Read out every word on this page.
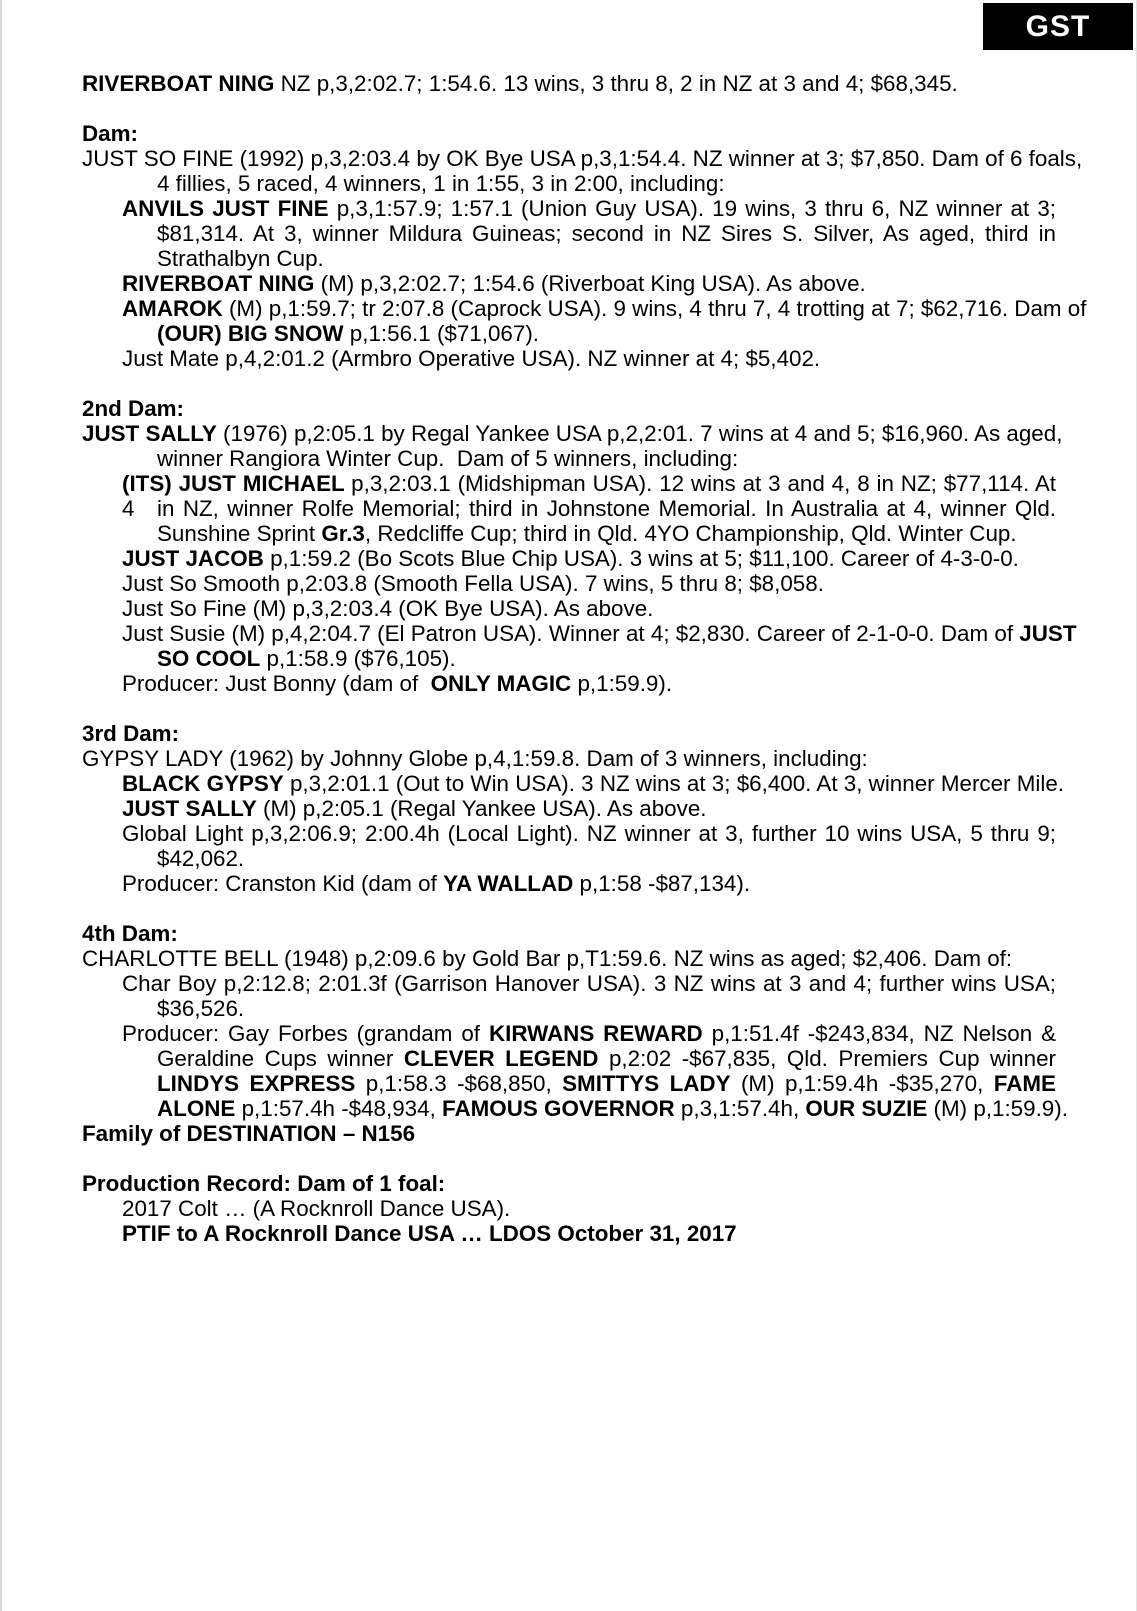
GST
RIVERBOAT NING NZ p,3,2:02.7; 1:54.6. 13 wins, 3 thru 8, 2 in NZ at 3 and 4; $68,345.
Dam:
JUST SO FINE (1992) p,3,2:03.4 by OK Bye USA p,3,1:54.4. NZ winner at 3; $7,850. Dam of 6 foals,
4 fillies, 5 raced, 4 winners, 1 in 1:55, 3 in 2:00, including:
ANVILS JUST FINE p,3,1:57.9; 1:57.1 (Union Guy USA). 19 wins, 3 thru 6, NZ winner at 3;
$81,314. At 3, winner Mildura Guineas; second in NZ Sires S. Silver, As aged, third in
Strathalbyn Cup.
RIVERBOAT NING (M) p,3,2:02.7; 1:54.6 (Riverboat King USA). As above.
AMAROK (M) p,1:59.7; tr 2:07.8 (Caprock USA). 9 wins, 4 thru 7, 4 trotting at 7; $62,716. Dam of
(OUR) BIG SNOW p,1:56.1 ($71,067).
Just Mate p,4,2:01.2 (Armbro Operative USA). NZ winner at 4; $5,402.
2nd Dam:
JUST SALLY (1976) p,2:05.1 by Regal Yankee USA p,2,2:01. 7 wins at 4 and 5; $16,960. As aged,
winner Rangiora Winter Cup.  Dam of 5 winners, including:
(ITS) JUST MICHAEL p,3,2:03.1 (Midshipman USA). 12 wins at 3 and 4, 8 in NZ; $77,114. At 4	in NZ, winner Rolfe Memorial; third in Johnstone Memorial. In Australia at 4, winner Qld.
Sunshine Sprint Gr.3, Redcliffe Cup; third in Qld. 4YO Championship, Qld. Winter Cup.
JUST JACOB p,1:59.2 (Bo Scots Blue Chip USA). 3 wins at 5; $11,100. Career of 4-3-0-0.
Just So Smooth p,2:03.8 (Smooth Fella USA). 7 wins, 5 thru 8; $8,058.
Just So Fine (M) p,3,2:03.4 (OK Bye USA). As above.
Just Susie (M) p,4,2:04.7 (El Patron USA). Winner at 4; $2,830. Career of 2-1-0-0. Dam of JUST
SO COOL p,1:58.9 ($76,105).
Producer: Just Bonny (dam of  ONLY MAGIC p,1:59.9).
3rd Dam:
GYPSY LADY (1962) by Johnny Globe p,4,1:59.8. Dam of 3 winners, including:
BLACK GYPSY p,3,2:01.1 (Out to Win USA). 3 NZ wins at 3; $6,400. At 3, winner Mercer Mile.
JUST SALLY (M) p,2:05.1 (Regal Yankee USA). As above.
Global Light p,3,2:06.9; 2:00.4h (Local Light). NZ winner at 3, further 10 wins USA, 5 thru 9;
$42,062.
Producer: Cranston Kid (dam of YA WALLAD p,1:58 -$87,134).
4th Dam:
CHARLOTTE BELL (1948) p,2:09.6 by Gold Bar p,T1:59.6. NZ wins as aged; $2,406. Dam of:
Char Boy p,2:12.8; 2:01.3f (Garrison Hanover USA). 3 NZ wins at 3 and 4; further wins USA;
$36,526.
Producer: Gay Forbes (grandam of KIRWANS REWARD p,1:51.4f -$243,834, NZ Nelson &
Geraldine Cups winner CLEVER LEGEND p,2:02 -$67,835, Qld. Premiers Cup winner
LINDYS EXPRESS p,1:58.3 -$68,850, SMITTYS LADY (M) p,1:59.4h -$35,270, FAME
ALONE p,1:57.4h -$48,934, FAMOUS GOVERNOR p,3,1:57.4h, OUR SUZIE (M) p,1:59.9).
Family of DESTINATION – N156
Production Record: Dam of 1 foal:
2017 Colt … (A Rocknroll Dance USA).
PTIF to A Rocknroll Dance USA … LDOS October 31, 2017
